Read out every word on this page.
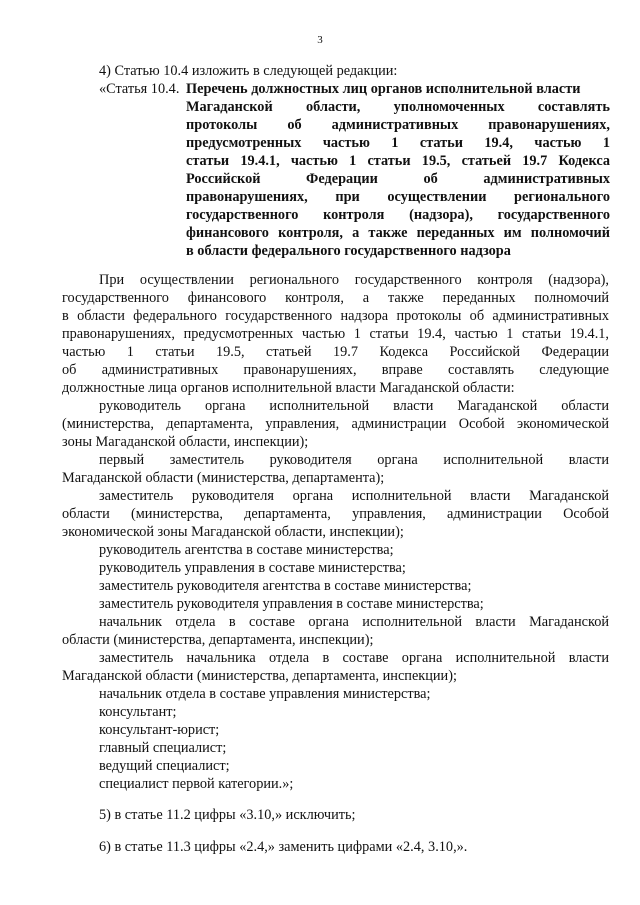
3
4) Статью 10.4 изложить в следующей редакции:
«Статья 10.4. Перечень должностных лиц органов исполнительной власти
Магаданской области, уполномоченных составлять
протоколы об административных правонарушениях,
предусмотренных частью 1 статьи 19.4, частью 1
статьи 19.4.1, частью 1 статьи 19.5, статьей 19.7 Кодекса
Российской Федерации об административных
правонарушениях, при осуществлении регионального
государственного контроля (надзора), государственного
финансового контроля, а также переданных им полномочий
в области федерального государственного надзора
При осуществлении регионального государственного контроля (надзора),
государственного финансового контроля, а также переданных полномочий
в области федерального государственного надзора протоколы об административных
правонарушениях, предусмотренных частью 1 статьи 19.4, частью 1 статьи 19.4.1,
частью 1 статьи 19.5, статьей 19.7 Кодекса Российской Федерации
об административных правонарушениях, вправе составлять следующие
должностные лица органов исполнительной власти Магаданской области:
руководитель органа исполнительной власти Магаданской области
(министерства, департамента, управления, администрации Особой экономической
зоны Магаданской области, инспекции);
первый заместитель руководителя органа исполнительной власти
Магаданской области (министерства, департамента);
заместитель руководителя органа исполнительной власти Магаданской
области (министерства, департамента, управления, администрации Особой
экономической зоны Магаданской области, инспекции);
руководитель агентства в составе министерства;
руководитель управления в составе министерства;
заместитель руководителя агентства в составе министерства;
заместитель руководителя управления в составе министерства;
начальник отдела в составе органа исполнительной власти Магаданской
области (министерства, департамента, инспекции);
заместитель начальника отдела в составе органа исполнительной власти
Магаданской области (министерства, департамента, инспекции);
начальник отдела в составе управления министерства;
консультант;
консультант-юрист;
главный специалист;
ведущий специалист;
специалист первой категории.»;
5) в статье 11.2 цифры «3.10,» исключить;
6) в статье 11.3 цифры «2.4,» заменить цифрами «2.4, 3.10,».
